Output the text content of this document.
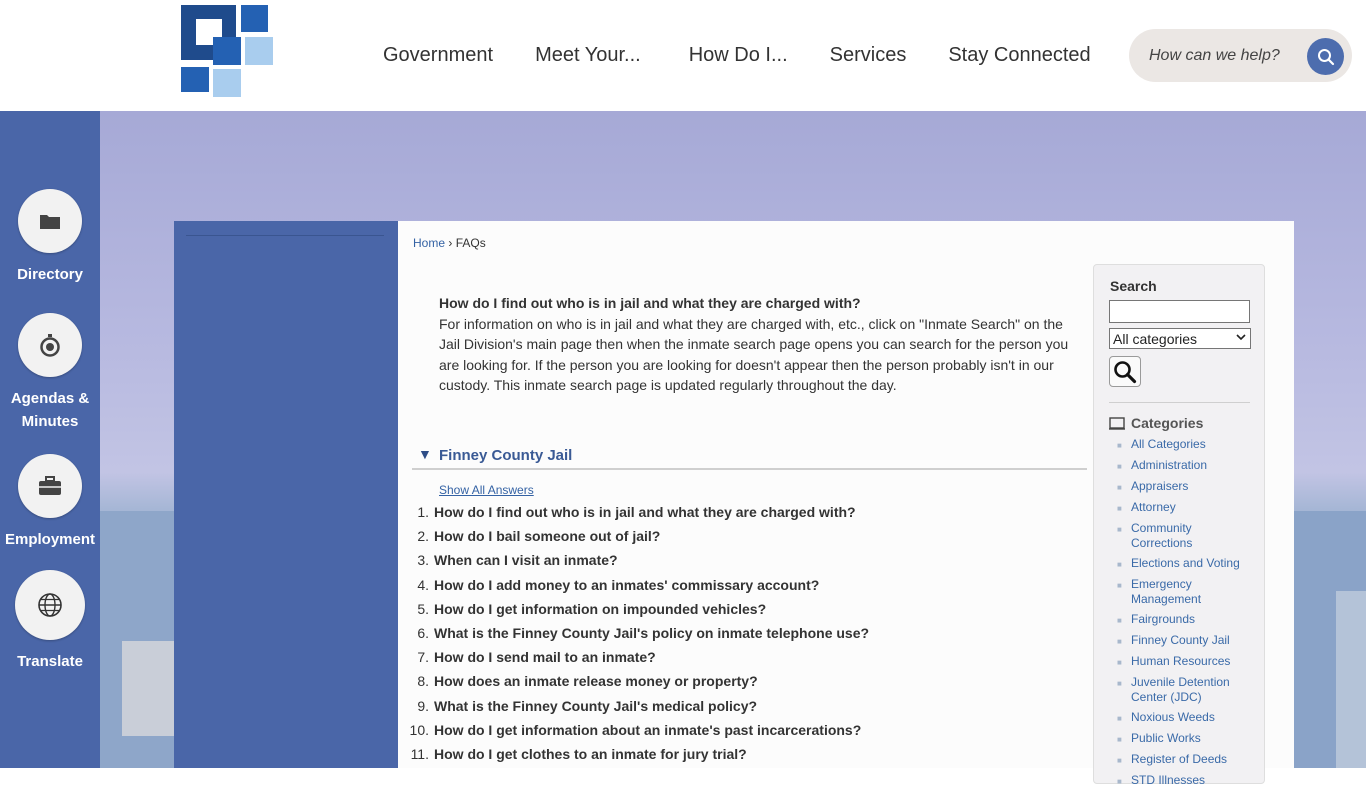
Government	Meet Your...	How Do I...	Services	Stay Connected
How can we help?
Directory
Agendas & Minutes
Employment
Translate
Home › FAQs
How do I find out who is in jail and what they are charged with?
For information on who is in jail and what they are charged with, etc., click on "Inmate Search" on the Jail Division's main page then when the inmate search page opens you can search for the person you are looking for. If the person you are looking for doesn't appear then the person probably isn't in our custody. This inmate search page is updated regularly throughout the day.
▼ Finney County Jail
Show All Answers
1. How do I find out who is in jail and what they are charged with?
2. How do I bail someone out of jail?
3. When can I visit an inmate?
4. How do I add money to an inmates' commissary account?
5. How do I get information on impounded vehicles?
6. What is the Finney County Jail's policy on inmate telephone use?
7. How do I send mail to an inmate?
8. How does an inmate release money or property?
9. What is the Finney County Jail's medical policy?
10. How do I get information about an inmate's past incarcerations?
11. How do I get clothes to an inmate for jury trial?
Search
All categories
Categories
■ All Categories
■ Administration
■ Appraisers
■ Attorney
■ Community Corrections
■ Elections and Voting
■ Emergency Management
■ Fairgrounds
■ Finney County Jail
■ Human Resources
■ Juvenile Detention Center (JDC)
■ Noxious Weeds
■ Public Works
■ Register of Deeds
■ STD Illnesses
